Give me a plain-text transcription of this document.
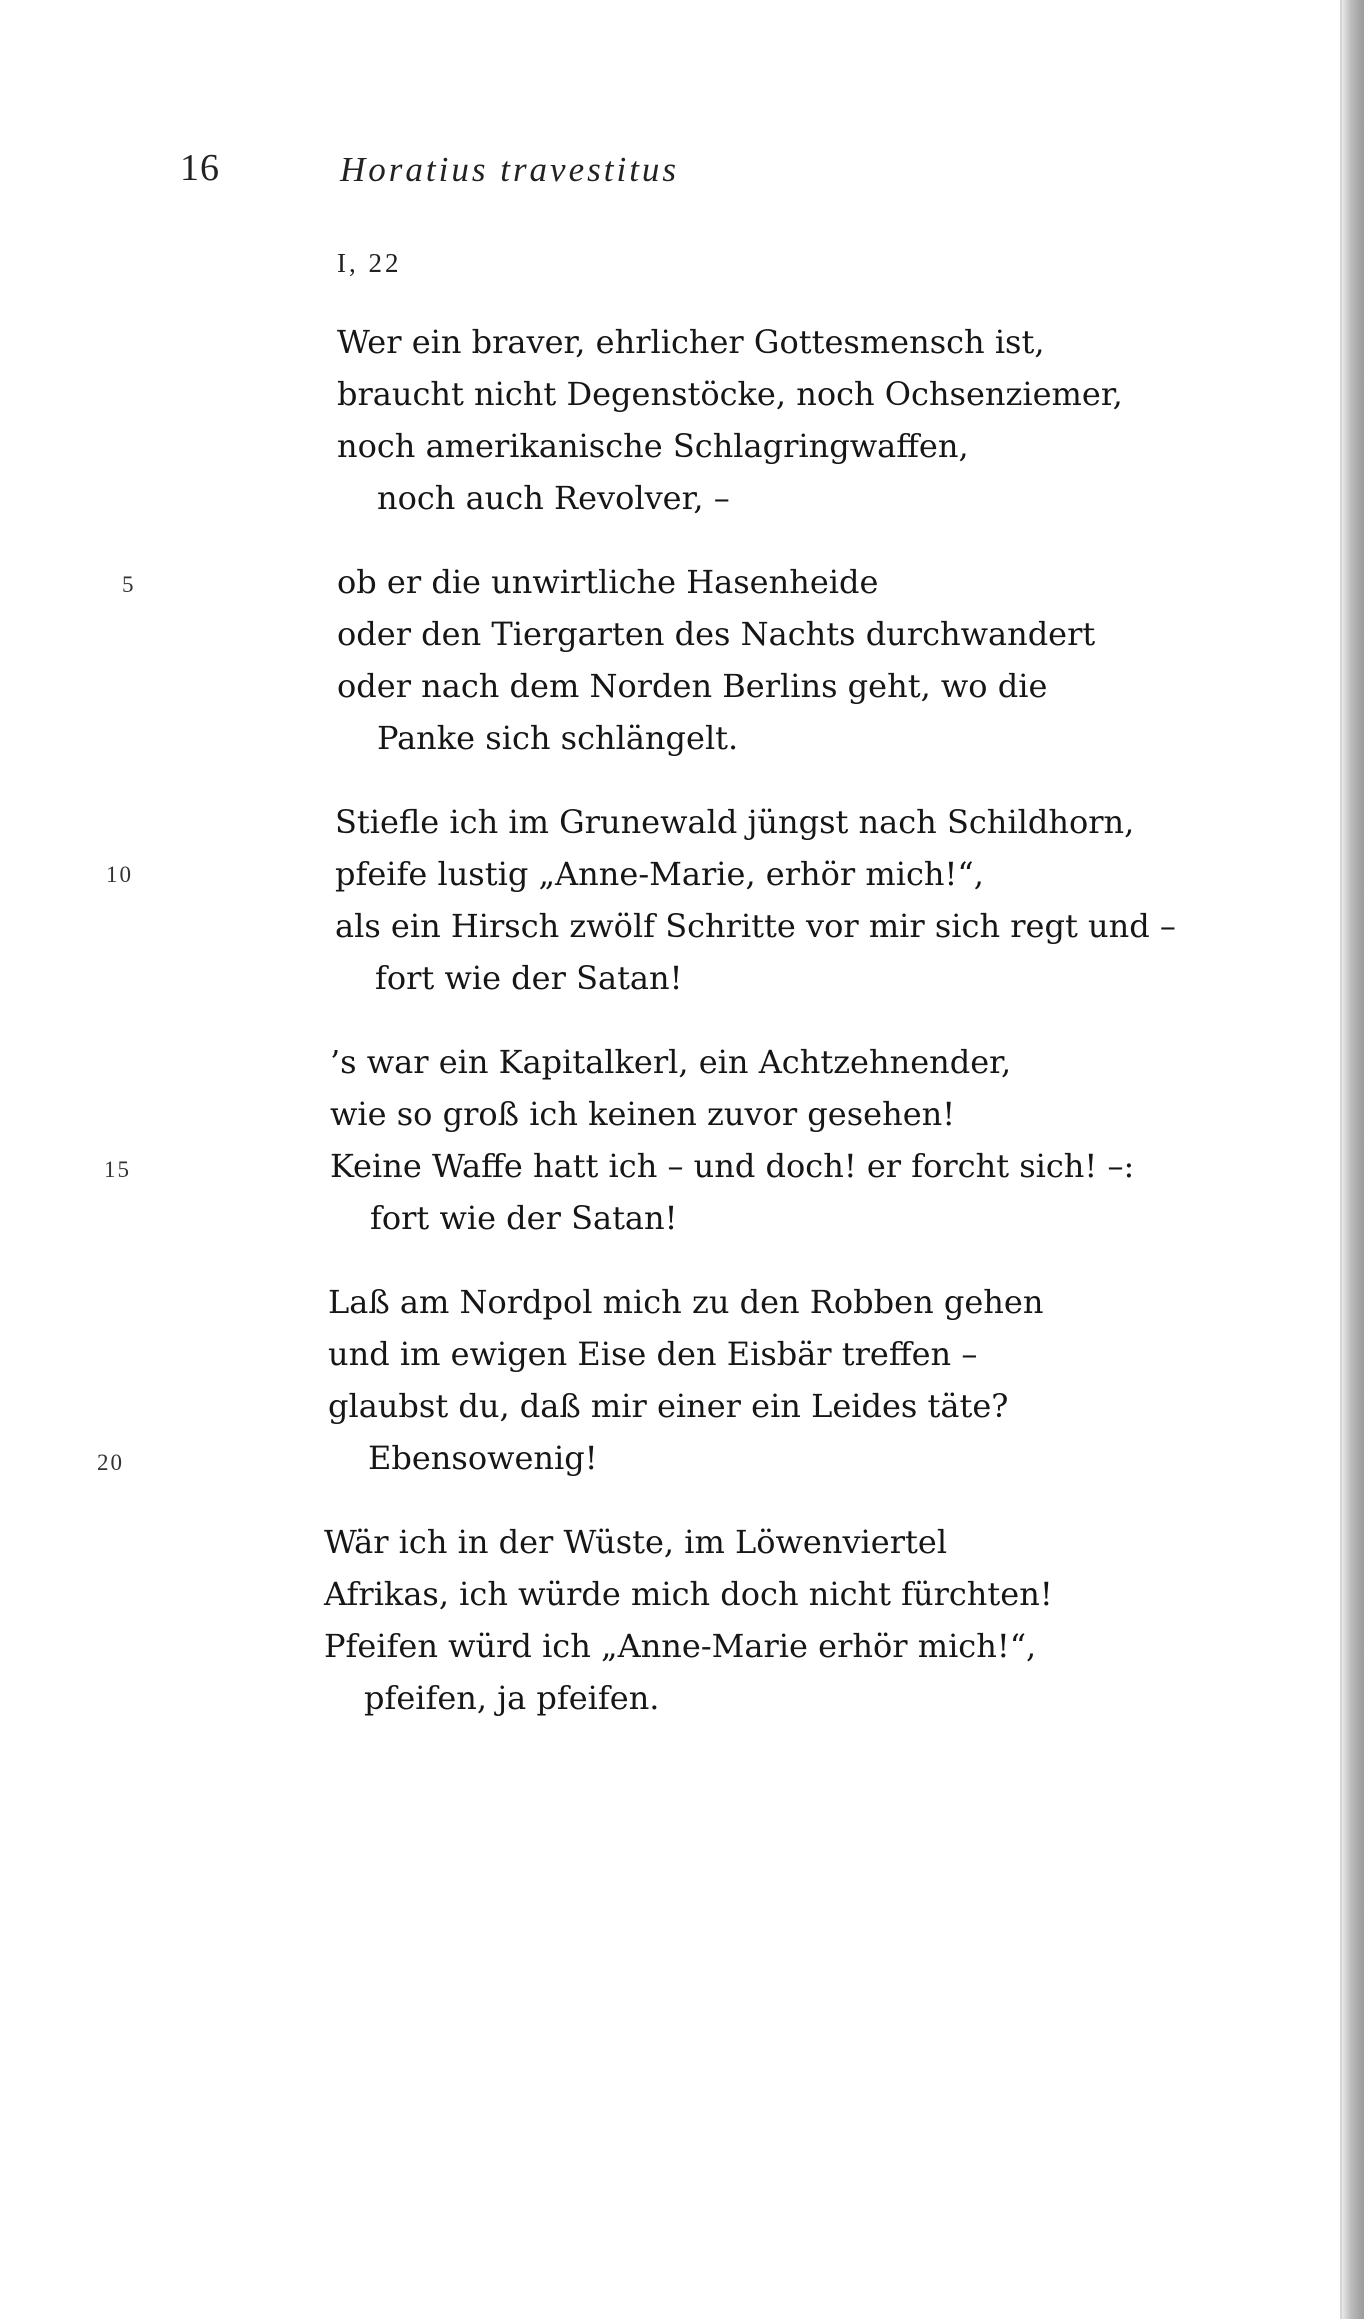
16	Horatius travestitus
I, 22
5
10
15
20
Wer ein braver, ehrlicher Gottesmensch ist,
braucht nicht Degenstöcke, noch Ochsenziemer,
noch amerikanische Schlagringwaffen,
noch auch Revolver, –
ob er die unwirtliche Hasenheide
oder den Tiergarten des Nachts durchwandert
oder nach dem Norden Berlins geht, wo die
Panke sich schlängelt.
Stiefle ich im Grunewald jüngst nach Schildhorn,
pfeife lustig „Anne-Marie, erhör mich!“,
als ein Hirsch zwölf Schritte vor mir sich regt und –
fort wie der Satan!
’s war ein Kapitalkerl, ein Achtzehnender,
wie so groß ich keinen zuvor gesehen!
Keine Waffe hatt ich – und doch! er forcht sich! –:
fort wie der Satan!
Laß am Nordpol mich zu den Robben gehen
und im ewigen Eise den Eisbär treffen –
glaubst du, daß mir einer ein Leides täte?
Ebensowenig!
Wär ich in der Wüste, im Löwenviertel
Afrikas, ich würde mich doch nicht fürchten!
Pfeifen würd ich „Anne-Marie erhör mich!“,
pfeifen, ja pfeifen.
